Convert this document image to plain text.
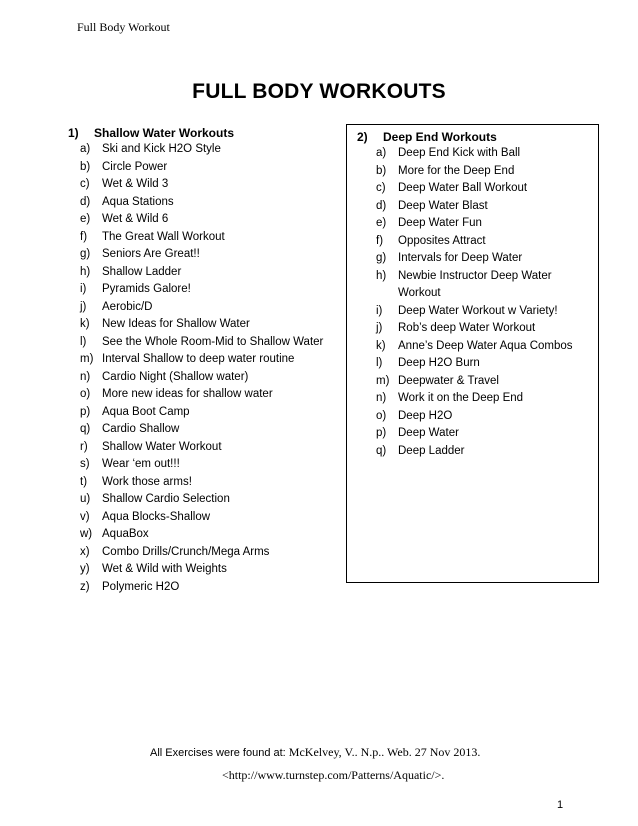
Full Body Workout
FULL BODY WORKOUTS
1)	Shallow Water Workouts
a)	Ski and Kick H2O Style
b)	Circle Power
c)	Wet & Wild 3
d)	Aqua Stations
e)	Wet & Wild 6
f)	The Great Wall Workout
g)	Seniors Are Great!!
h)	Shallow Ladder
i)	Pyramids Galore!
j)	Aerobic/D
k)	New Ideas for Shallow Water
l)	See the Whole Room-Mid to Shallow Water
m) Interval Shallow to deep water routine
n)	Cardio Night (Shallow water)
o)	More new ideas for shallow water
p)	Aqua Boot Camp
q)	Cardio Shallow
r)	Shallow Water Workout
s)	Wear ‘em out!!!
t)	Work those arms!
u)	Shallow Cardio Selection
v)	Aqua Blocks-Shallow
w) AquaBox
x)	Combo Drills/Crunch/Mega Arms
y)	Wet & Wild with Weights
z)	Polymeric H2O
2)	Deep End Workouts
a)	Deep End Kick with Ball
b)	More for the Deep End
c)	Deep Water Ball Workout
d)	Deep Water Blast
e)	Deep Water Fun
f)	Opposites Attract
g)	Intervals for Deep Water
h)	Newbie Instructor Deep Water Workout
i)	Deep Water Workout w Variety!
j)	Rob’s deep Water Workout
k)	Anne’s Deep Water Aqua Combos
l)	Deep H2O Burn
m) Deepwater & Travel
n)	Work it on the Deep End
o)	Deep H2O
p)	Deep Water
q)	Deep Ladder
All Exercises were found at: McKelvey, V.. N.p.. Web. 27 Nov 2013.
<http://www.turnstep.com/Patterns/Aquatic/>.
1
